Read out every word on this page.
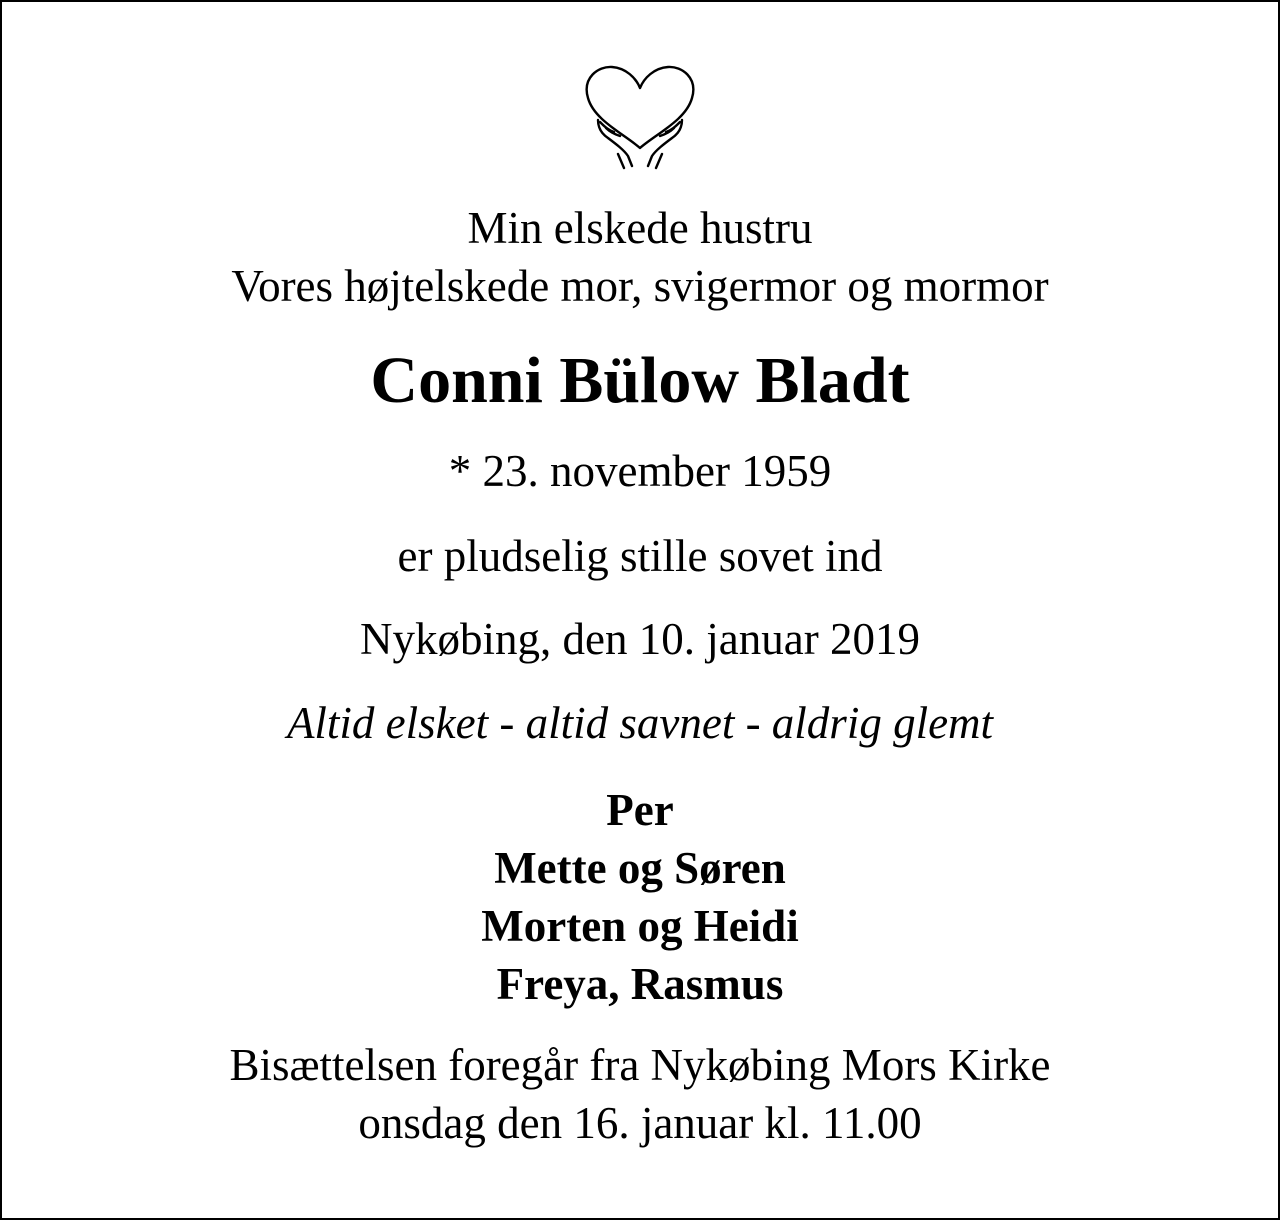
Min elskede hustru
Vores højtelskede mor, svigermor og mormor
Conni Bülow Bladt
* 23. november 1959
er pludselig stille sovet ind
Nykøbing, den 10. januar 2019
Altid elsket - altid savnet - aldrig glemt
Per
Mette og Søren
Morten og Heidi
Freya, Rasmus
Bisættelsen foregår fra Nykøbing Mors Kirke
onsdag den 16. januar kl. 11.00
